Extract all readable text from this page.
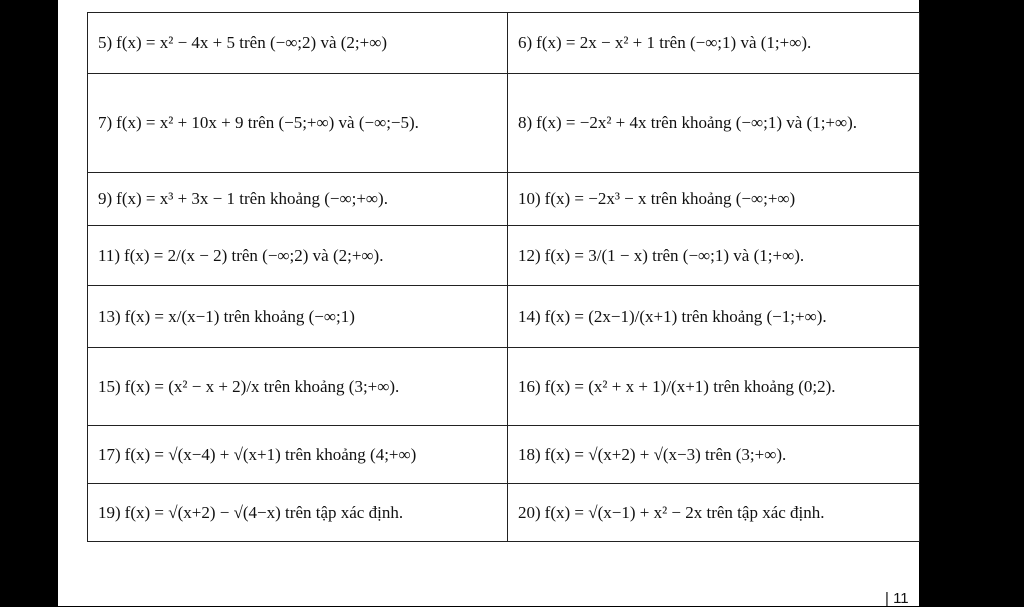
5) f(x) = x² − 4x + 5 trên (−∞;2) và (2;+∞)	6) f(x) = 2x − x² + 1 trên (−∞;1) và (1;+∞).
7) f(x) = x² + 10x + 9 trên (−5;+∞) và (−∞;−5).	8) f(x) = −2x² + 4x trên khoảng (−∞;1) và (1;+∞).
9) f(x) = x³ + 3x − 1 trên khoảng (−∞;+∞).	10) f(x) = −2x³ − x trên khoảng (−∞;+∞)
11) f(x) = 2/(x − 2) trên (−∞;2) và (2;+∞).	12) f(x) = 3/(1 − x) trên (−∞;1) và (1;+∞).
13) f(x) = x/(x−1) trên khoảng (−∞;1)	14) f(x) = (2x−1)/(x+1) trên khoảng (−1;+∞).
15) f(x) = (x² − x + 2)/x trên khoảng (3;+∞).	16) f(x) = (x² + x + 1)/(x+1) trên khoảng (0;2).
17) f(x) = √(x−4) + √(x+1) trên khoảng (4;+∞)	18) f(x) = √(x+2) + √(x−3) trên (3;+∞).
19) f(x) = √(x+2) − √(4−x) trên tập xác định.	20) f(x) = √(x−1) + x² − 2x trên tập xác định.
| 11
